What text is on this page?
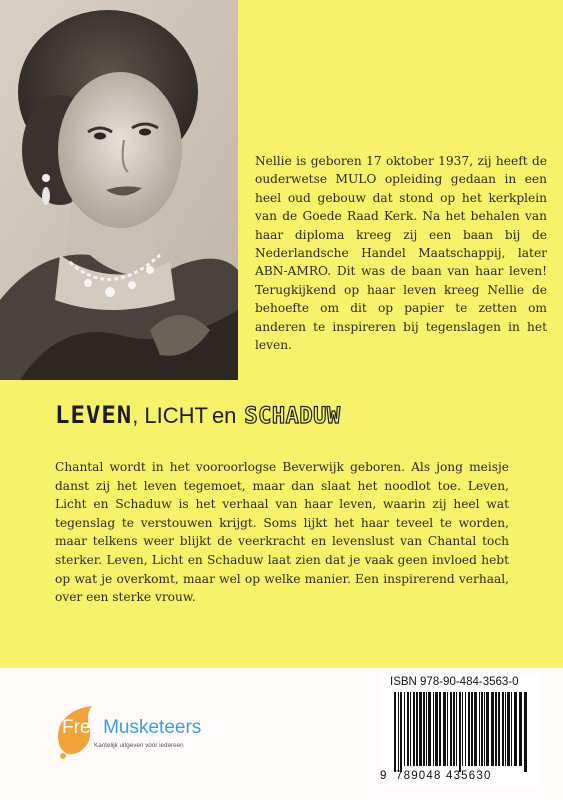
Nellie is geboren 17 oktober 1937, zij heeft de ouderwetse MULO opleiding gedaan in een heel oud gebouw dat stond op het kerkplein van de Goede Raad Kerk. Na het behalen van haar diploma kreeg zij een baan bij de Nederlandsche Handel Maatschappij, later ABN-AMRO. Dit was de baan van haar leven! Terugkijkend op haar leven kreeg Nellie de behoefte om dit op papier te zetten om anderen te inspireren bij tegenslagen in het leven.
LEVEN, LICHT en SCHADUW
Chantal wordt in het vooroorlogse Beverwijk geboren. Als jong meisje danst zij het leven tegemoet, maar dan slaat het noodlot toe. Leven, Licht en Schaduw is het verhaal van haar leven, waarin zij heel wat tegenslag te verstouwen krijgt. Soms lijkt het haar teveel te worden, maar telkens weer blijkt de veerkracht en levenslust van Chantal toch sterker. Leven, Licht en Schaduw laat zien dat je vaak geen invloed hebt op wat je overkomt, maar wel op welke manier. Een inspirerend verhaal, over een sterke vrouw.
Free Musketeers
Kantelijk uitgeven voor iedereen
ISBN 978-90-484-3563-0
9 789048 435630
